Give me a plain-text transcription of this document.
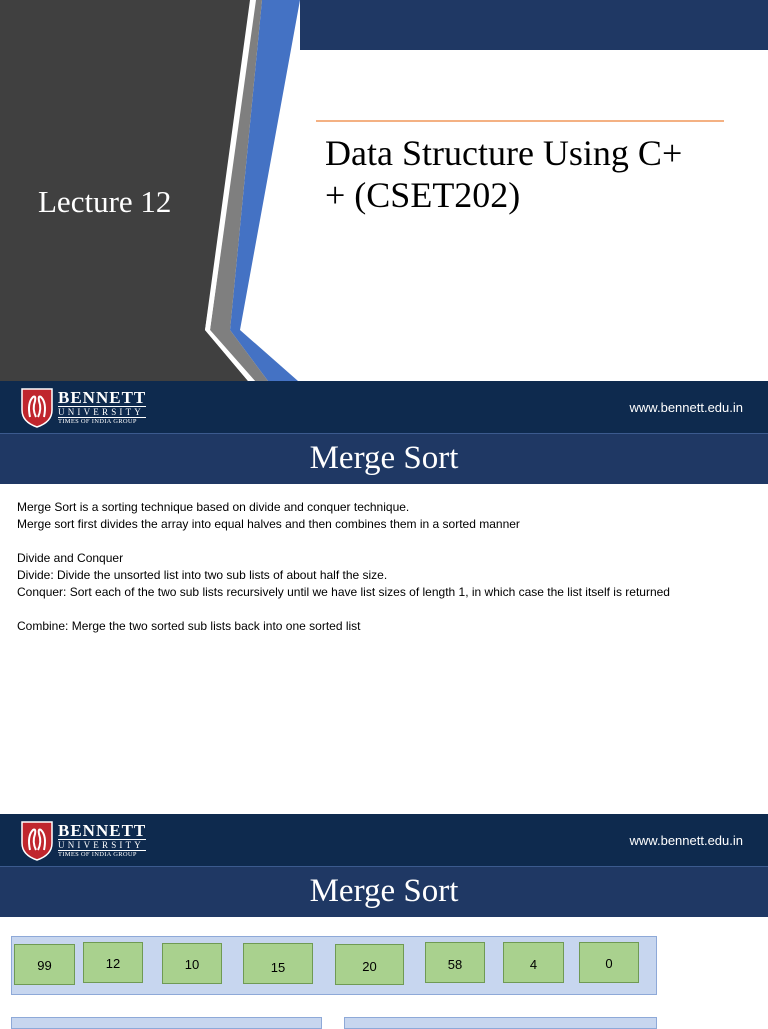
Lecture 12
Data Structure Using C+
+ (CSET202)
BENNETT
UNIVERSITY
TIMES OF INDIA GROUP
www.bennett.edu.in
Merge Sort

Merge Sort is a sorting technique based on divide and conquer technique.

Merge sort first divides the array into equal halves and then combines them in a sorted manner

Divide and Conquer

Divide: Divide the unsorted list into two sub lists of about half the size.

Conquer: Sort each of the two sub lists recursively until we have list sizes of length 1, in which case the list itself is returned

Combine: Merge the two sorted sub lists back into one sorted list

BENNETT
UNIVERSITY
TIMES OF INDIA GROUP
www.bennett.edu.in
Merge Sort
99	12	10	15	20	58	4	0
